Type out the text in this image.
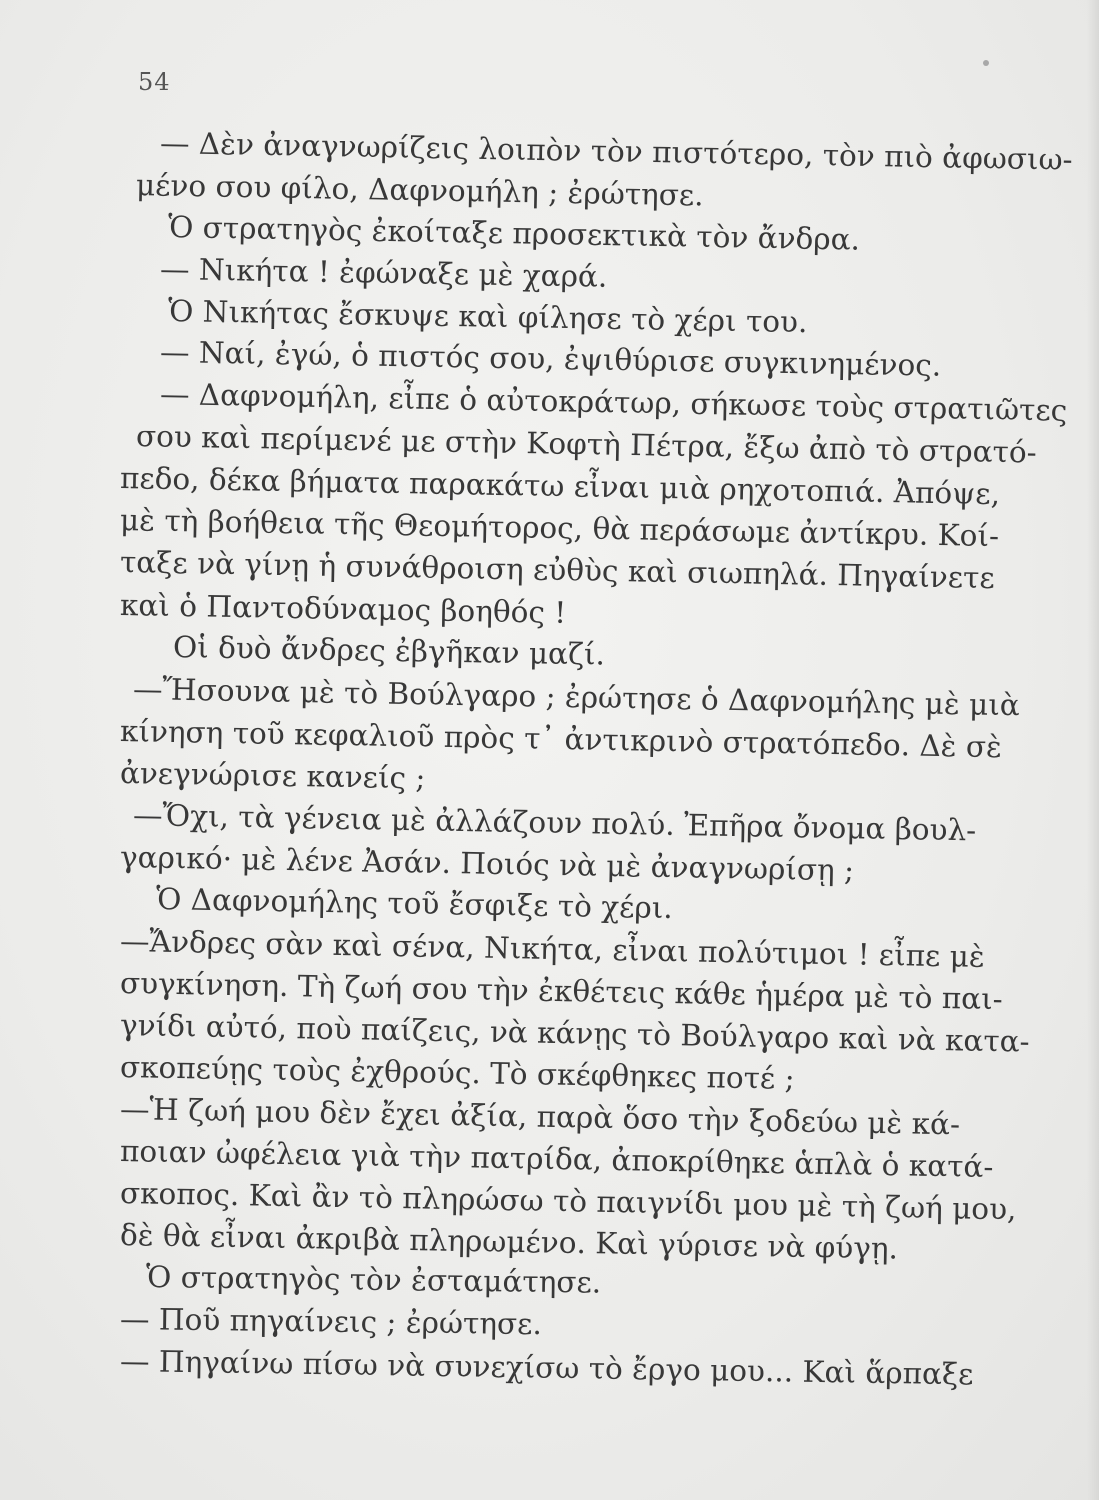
54
— Δὲν ἀναγνωρίζεις λοιπὸν τὸν πιστότερο, τὸν πιὸ ἀφωσιω-
μένο σου φίλο, Δαφνομήλη ; ἐρώτησε.
Ὁ στρατηγὸς ἐκοίταξε προσεκτικὰ τὸν ἄνδρα.
— Νικήτα ! ἐφώναξε μὲ χαρά.
Ὁ Νικήτας ἔσκυψε καὶ φίλησε τὸ χέρι του.
— Ναί, ἐγώ, ὁ πιστός σου, ἐψιθύρισε συγκινημένος.
— Δαφνομήλη, εἶπε ὁ αὐτοκράτωρ, σήκωσε τοὺς στρατιῶτες
σου καὶ περίμενέ με στὴν Κοφτὴ Πέτρα, ἔξω ἀπὸ τὸ στρατό-
πεδο, δέκα βήματα παρακάτω εἶναι μιὰ ρηχοτοπιά. Ἀπόψε,
μὲ τὴ βοήθεια τῆς Θεομήτορος, θὰ περάσωμε ἀντίκρυ. Κοί-
ταξε νὰ γίνῃ ἡ συνάθροιση εὐθὺς καὶ σιωπηλά. Πηγαίνετε
καὶ ὁ Παντοδύναμος βοηθός !
Οἱ δυὸ ἄνδρες ἐβγῆκαν μαζί.
—Ἤσουνα μὲ τὸ Βούλγαρο ; ἐρώτησε ὁ Δαφνομήλης μὲ μιὰ
κίνηση τοῦ κεφαλιοῦ πρὸς τ᾽ ἀντικρινὸ στρατόπεδο. Δὲ σὲ
ἀνεγνώρισε κανείς ;
—Ὄχι, τὰ γένεια μὲ ἀλλάζουν πολύ. Ἐπῆρα ὄνομα βουλ-
γαρικό· μὲ λένε Ἀσάν. Ποιός νὰ μὲ ἀναγνωρίσῃ ;
Ὁ Δαφνομήλης τοῦ ἔσφιξε τὸ χέρι.
—Ἄνδρες σὰν καὶ σένα, Νικήτα, εἶναι πολύτιμοι ! εἶπε μὲ
συγκίνηση. Τὴ ζωή σου τὴν ἐκθέτεις κάθε ἡμέρα μὲ τὸ παι-
γνίδι αὐτό, ποὺ παίζεις, νὰ κάνῃς τὸ Βούλγαρο καὶ νὰ κατα-
σκοπεύῃς τοὺς ἐχθρούς. Τὸ σκέφθηκες ποτέ ;
—Ἡ ζωή μου δὲν ἔχει ἀξία, παρὰ ὅσο τὴν ξοδεύω μὲ κά-
ποιαν ὠφέλεια γιὰ τὴν πατρίδα, ἀποκρίθηκε ἁπλὰ ὁ κατά-
σκοπος. Καὶ ἂν τὸ πληρώσω τὸ παιγνίδι μου μὲ τὴ ζωή μου,
δὲ θὰ εἶναι ἀκριβὰ πληρωμένο. Καὶ γύρισε νὰ φύγῃ.
Ὁ στρατηγὸς τὸν ἐσταμάτησε.
— Ποῦ πηγαίνεις ; ἐρώτησε.
— Πηγαίνω πίσω νὰ συνεχίσω τὸ ἔργο μου... Καὶ ἅρπαξε
